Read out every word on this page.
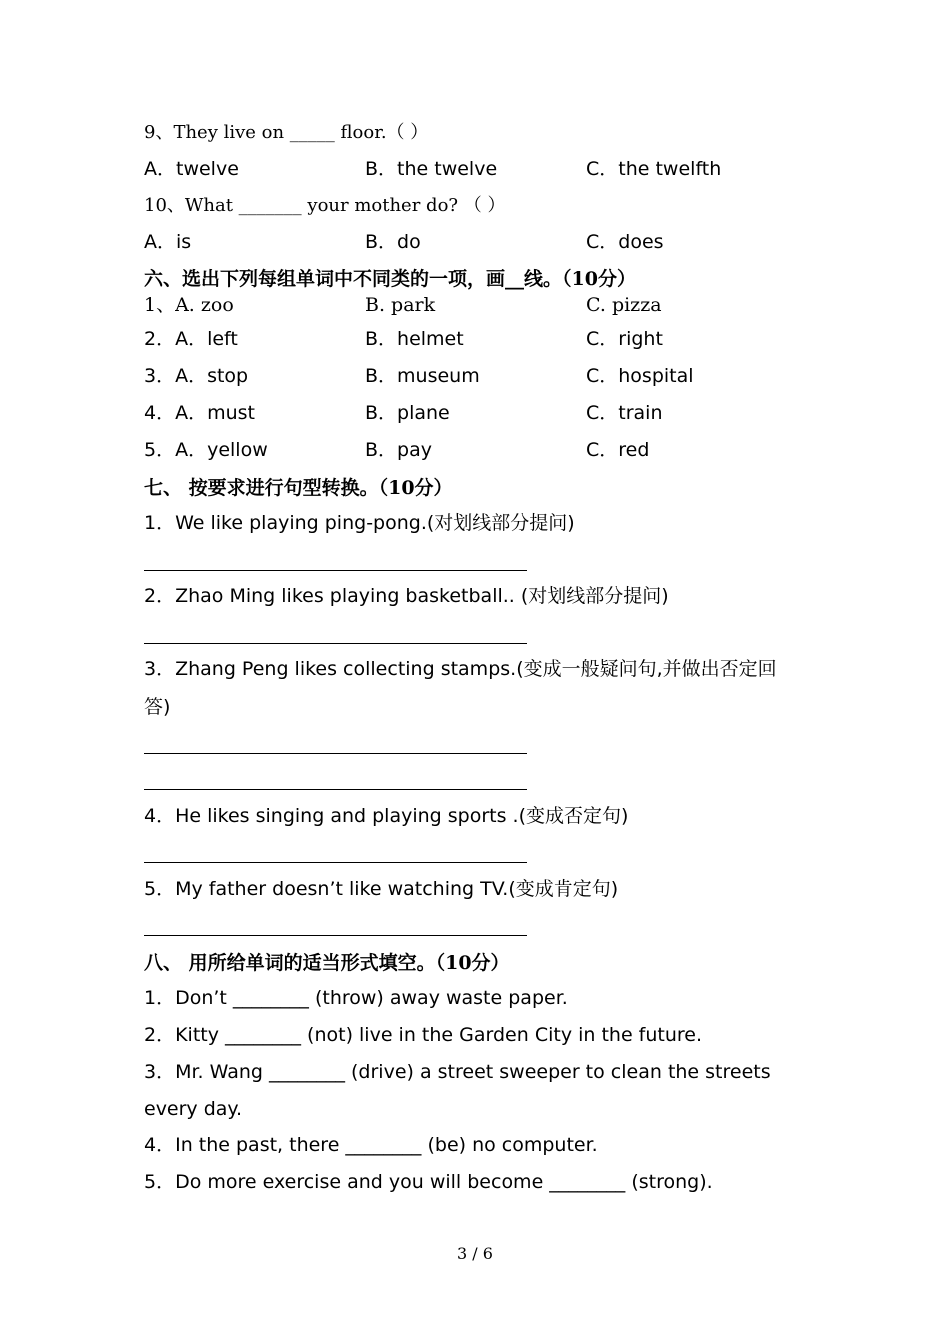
9、They live on _____ floor.（ ）
A．twelve	B．the twelve	C．the twelfth
10、What _______ your mother do? （ ）
A．is	B．do	C．does
六、选出下列每组单词中不同类的一项，画__线。（10分）
1、A. zoo	B. park	C. pizza
2．A．left	B．helmet	C．right
3．A．stop	B．museum	C．hospital
4．A．must	B．plane	C．train
5．A．yellow	B．pay	C．red
七、 按要求进行句型转换。（10分）
1．We like playing ping-pong.(对划线部分提问)
2．Zhao Ming likes playing basketball.. (对划线部分提问)
3．Zhang Peng likes collecting stamps.(变成一般疑问句,并做出否定回
答)
4．He likes singing and playing sports .(变成否定句)
5．My father doesn’t like watching TV.(变成肯定句)
八、 用所给单词的适当形式填空。（10分）
1．Don’t ________ (throw) away waste paper.
2．Kitty ________ (not) live in the Garden City in the future.
3．Mr. Wang ________ (drive) a street sweeper to clean the streets
every day.
4．In the past, there ________ (be) no computer.
5．Do more exercise and you will become ________ (strong).
3 / 6
